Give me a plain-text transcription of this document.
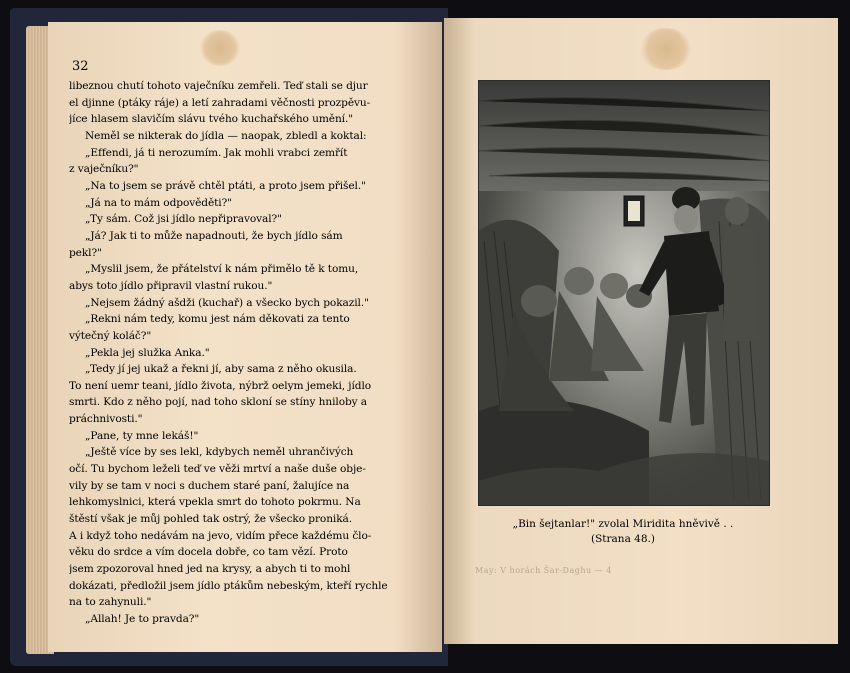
32

libeznou chutí tohoto vaječníku zemřeli. Teď stali se djur

el djinne (ptáky ráje) a letí zahradami věčnosti prozpěvu-

jíce hlasem slavičím slávu tvého kuchařského umění."

Neměl se nikterak do jídla — naopak, zbledl a koktal:

„Effendi, já ti nerozumím. Jak mohli vrabci zemřít

z vaječníku?"

„Na to jsem se právě chtěl ptáti, a proto jsem přišel."

„Já na to mám odpověděti?"

„Ty sám. Což jsi jídlo nepřipravoval?"

„Já? Jak ti to může napadnouti, že bych jídlo sám

pekl?"

„Myslil jsem, že přátelství k nám přimělo tě k tomu,

abys toto jídlo připravil vlastní rukou."

„Nejsem žádný ašdži (kuchař) a všecko bych pokazil."

„Rekni nám tedy, komu jest nám děkovati za tento

výtečný koláč?"

„Pekla jej služka Anka."

„Tedy jí jej ukaž a řekni jí, aby sama z něho okusila.

To není uemr teani, jídlo života, nýbrž oelym jemeki, jídlo

smrti. Kdo z něho pojí, nad toho skloní se stíny hniloby a

práchnivosti."

„Pane, ty mne lekáš!"

„Ještě více by ses lekl, kdybych neměl uhrančivých

očí. Tu bychom leželi teď ve věži mrtví a naše duše obje-

vily by se tam v noci s duchem staré paní, žalujíce na

lehkomyslnici, která vpekla smrt do tohoto pokrmu. Na

štěstí však je můj pohled tak ostrý, že všecko proniká.

A i když toho nedávám na jevo, vidím přece každému člo-

věku do srdce a vím docela dobře, co tam vězí. Proto

jsem zpozoroval hned jed na krysy, a abych ti to mohl

dokázati, předložil jsem jídlo ptákům nebeským, kteří rychle

na to zahynuli."

„Allah! Je to pravda?"

„Bin šejtanlar!" zvolal Miridita hněvivě . .
(Strana 48.)
May: V horách Šar-Daghu — 4
